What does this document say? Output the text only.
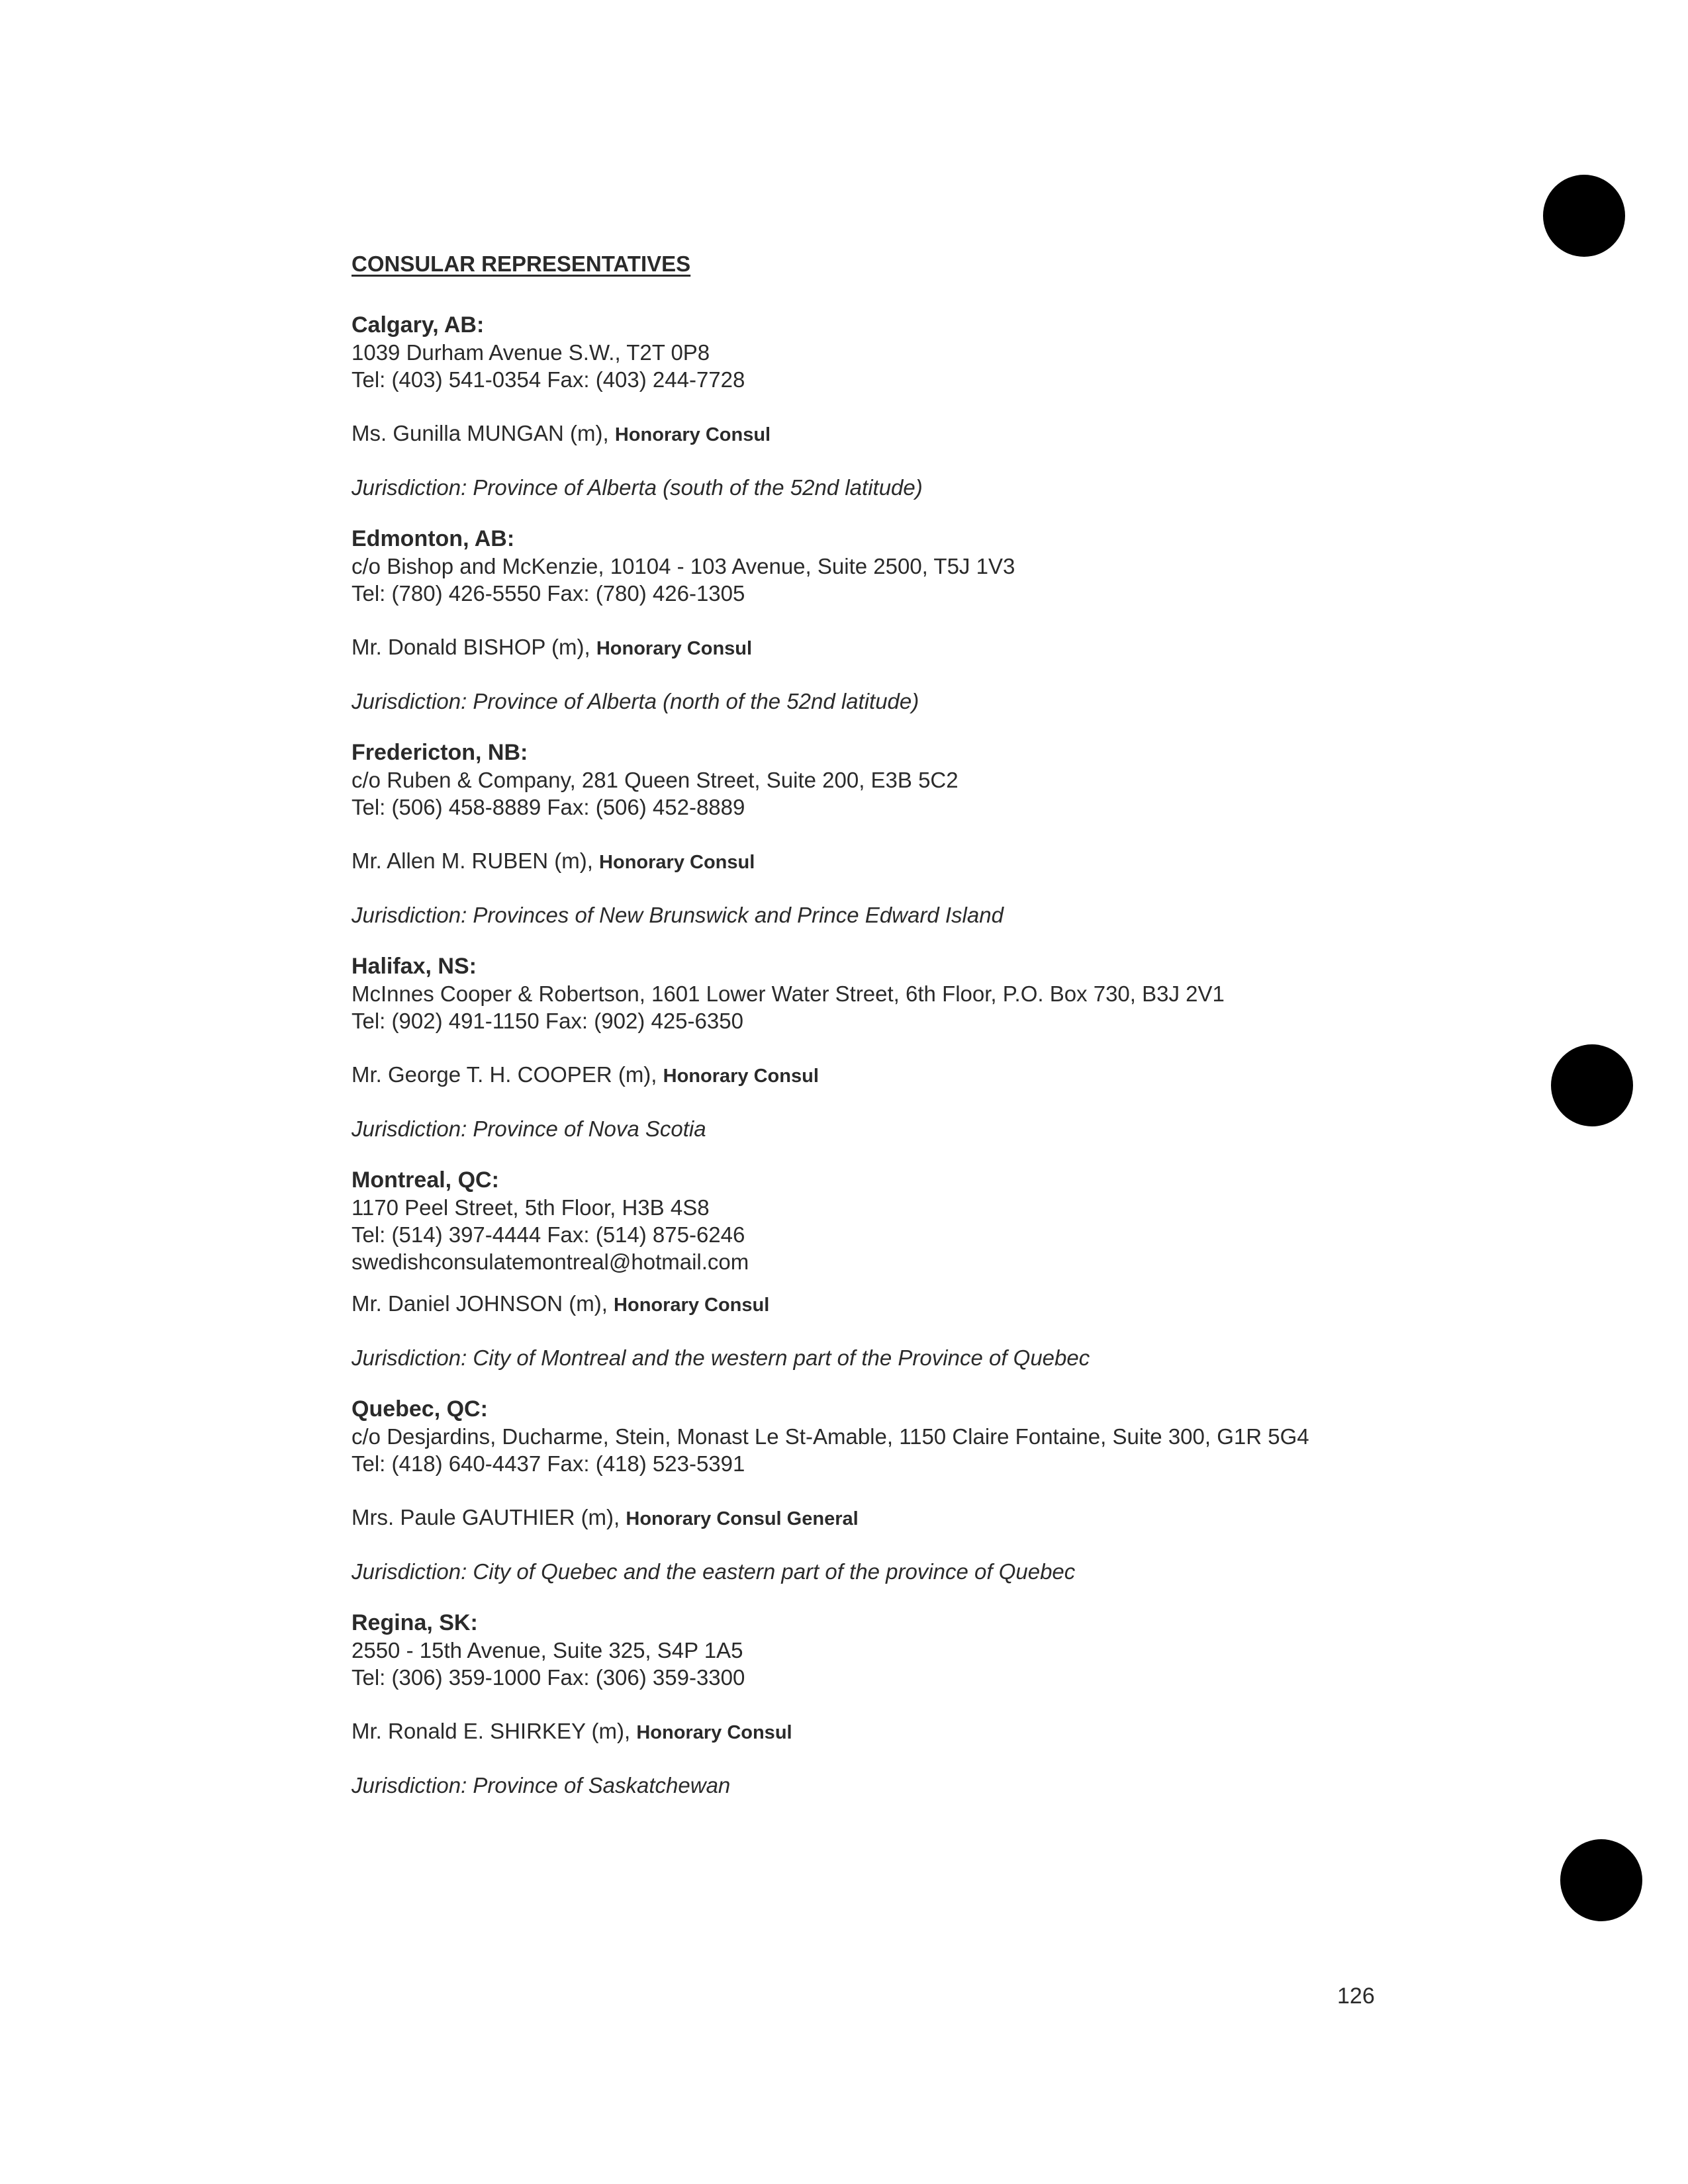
CONSULAR REPRESENTATIVES
Calgary, AB:
1039 Durham Avenue S.W., T2T 0P8
Tel: (403) 541-0354 Fax: (403) 244-7728
Ms. Gunilla MUNGAN (m), Honorary Consul
Jurisdiction: Province of Alberta (south of the 52nd latitude)
Edmonton, AB:
c/o Bishop and McKenzie, 10104 - 103 Avenue, Suite 2500, T5J 1V3
Tel: (780) 426-5550 Fax: (780) 426-1305
Mr. Donald BISHOP (m), Honorary Consul
Jurisdiction: Province of Alberta (north of the 52nd latitude)
Fredericton, NB:
c/o Ruben & Company, 281 Queen Street, Suite 200, E3B 5C2
Tel: (506) 458-8889 Fax: (506) 452-8889
Mr. Allen M. RUBEN (m), Honorary Consul
Jurisdiction: Provinces of New Brunswick and Prince Edward Island
Halifax, NS:
McInnes Cooper & Robertson, 1601 Lower Water Street, 6th Floor, P.O. Box 730, B3J 2V1
Tel: (902) 491-1150 Fax: (902) 425-6350
Mr. George T. H. COOPER (m), Honorary Consul
Jurisdiction: Province of Nova Scotia
Montreal, QC:
1170 Peel Street, 5th Floor, H3B 4S8
Tel: (514) 397-4444 Fax: (514) 875-6246
swedishconsulatemontreal@hotmail.com
Mr. Daniel JOHNSON (m), Honorary Consul
Jurisdiction: City of Montreal and the western part of the Province of Quebec
Quebec, QC:
c/o Desjardins, Ducharme, Stein, Monast Le St-Amable, 1150 Claire Fontaine, Suite 300, G1R 5G4
Tel: (418) 640-4437 Fax: (418) 523-5391
Mrs. Paule GAUTHIER (m), Honorary Consul General
Jurisdiction: City of Quebec and the eastern part of the province of Quebec
Regina, SK:
2550 - 15th Avenue, Suite 325, S4P 1A5
Tel: (306) 359-1000 Fax: (306) 359-3300
Mr. Ronald E. SHIRKEY (m), Honorary Consul
Jurisdiction: Province of Saskatchewan
126
